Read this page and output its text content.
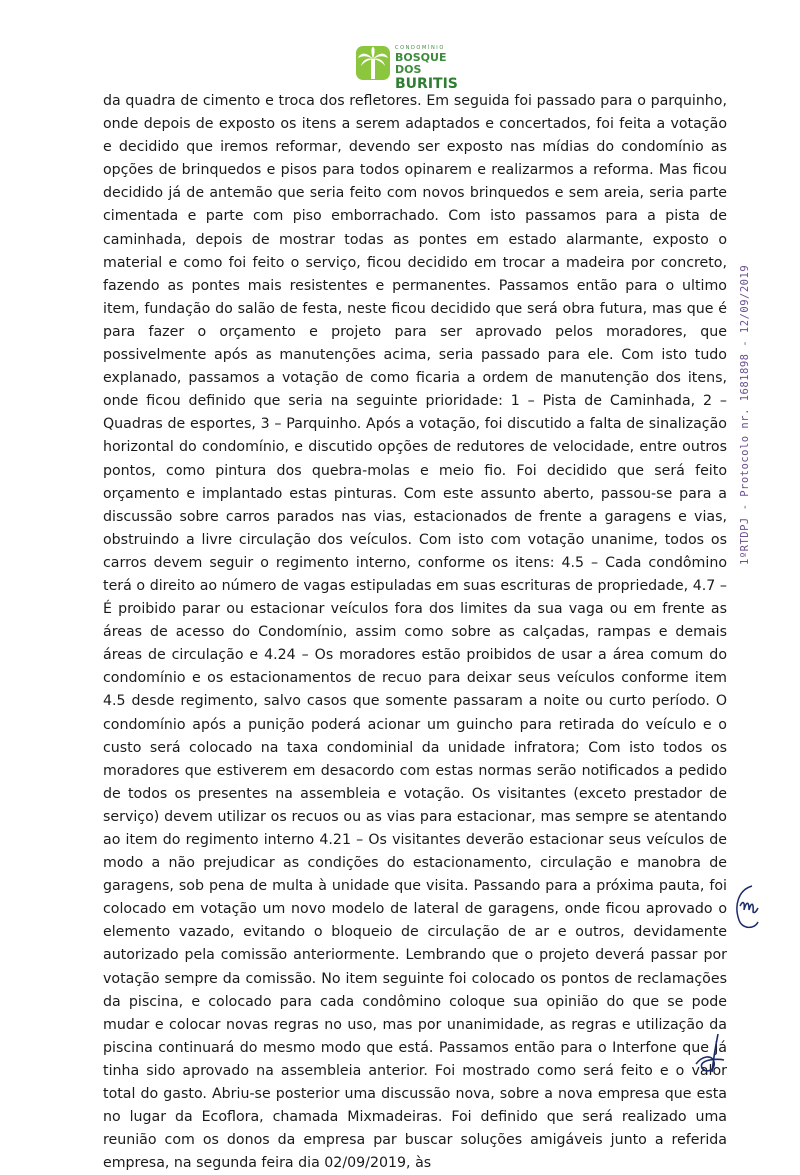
CONDOMÍNIO
BOSQUE DOS
BURITIS

da quadra de cimento e troca dos refletores. Em seguida foi passado para o parquinho, onde depois de exposto os itens a serem adaptados e concertados, foi feita a votação e decidido que iremos reformar, devendo ser exposto nas mídias do condomínio as opções de brinquedos e pisos para todos opinarem e realizarmos a reforma. Mas ficou decidido já de antemão que seria feito com novos brinquedos e sem areia, seria parte cimentada e parte com piso emborrachado. Com isto passamos para a pista de caminhada, depois de mostrar todas as pontes em estado alarmante, exposto o material e como foi feito o serviço, ficou decidido em trocar a madeira por concreto, fazendo as pontes mais resistentes e permanentes. Passamos então para o ultimo item, fundação do salão de festa, neste ficou decidido que será obra futura, mas que é para fazer o orçamento e projeto para ser aprovado pelos moradores, que possivelmente após as manutenções acima, seria passado para ele. Com isto tudo explanado, passamos a votação de como ficaria a ordem de manutenção dos itens, onde ficou definido que seria na seguinte prioridade: 1 – Pista de Caminhada, 2 – Quadras de esportes, 3 – Parquinho. Após a votação, foi discutido a falta de sinalização horizontal do condomínio, e discutido opções de redutores de velocidade, entre outros pontos, como pintura dos quebra-molas e meio fio. Foi decidido que será feito orçamento e implantado estas pinturas. Com este assunto aberto, passou-se para a discussão sobre carros parados nas vias, estacionados de frente a garagens e vias, obstruindo a livre circulação dos veículos. Com isto com votação unanime, todos os carros devem seguir o regimento interno, conforme os itens: 4.5 – Cada condômino terá o direito ao número de vagas estipuladas em suas escrituras de propriedade, 4.7 – É proibido parar ou estacionar veículos fora dos limites da sua vaga ou em frente as áreas de acesso do Condomínio, assim como sobre as calçadas, rampas e demais áreas de circulação e 4.24 – Os moradores estão proibidos de usar a área comum do condomínio e os estacionamentos de recuo para deixar seus veículos conforme item 4.5 desde regimento, salvo casos que somente passaram a noite ou curto período. O condomínio após a punição poderá acionar um guincho para retirada do veículo e o custo será colocado na taxa condominial da unidade infratora; Com isto todos os moradores que estiverem em desacordo com estas normas serão notificados a pedido de todos os presentes na assembleia e votação. Os visitantes (exceto prestador de serviço) devem utilizar os recuos ou as vias para estacionar, mas sempre se atentando ao item do regimento interno 4.21 – Os visitantes deverão estacionar seus veículos de modo a não prejudicar as condições do estacionamento, circulação e manobra de garagens, sob pena de multa à unidade que visita. Passando para a próxima pauta, foi colocado em votação um novo modelo de lateral de garagens, onde ficou aprovado o elemento vazado, evitando o bloqueio de circulação de ar e outros, devidamente autorizado pela comissão anteriormente. Lembrando que o projeto deverá passar por votação sempre da comissão. No item seguinte foi colocado os pontos de reclamações da piscina, e colocado para cada condômino coloque sua opinião do que se pode mudar e colocar novas regras no uso, mas por unanimidade, as regras e utilização da piscina continuará do mesmo modo que está. Passamos então para o Interfone que já tinha sido aprovado na assembleia anterior. Foi mostrado como será feito e o valor total do gasto. Abriu-se posterior uma discussão nova, sobre a nova empresa que esta no lugar da Ecoflora, chamada Mixmadeiras. Foi definido que será realizado uma reunião com os donos da empresa par buscar soluções amigáveis junto a referida empresa, na segunda feira dia 02/09/2019, às

1ºRTDPJ - Protocolo nr. 1681898 - 12/09/2019
